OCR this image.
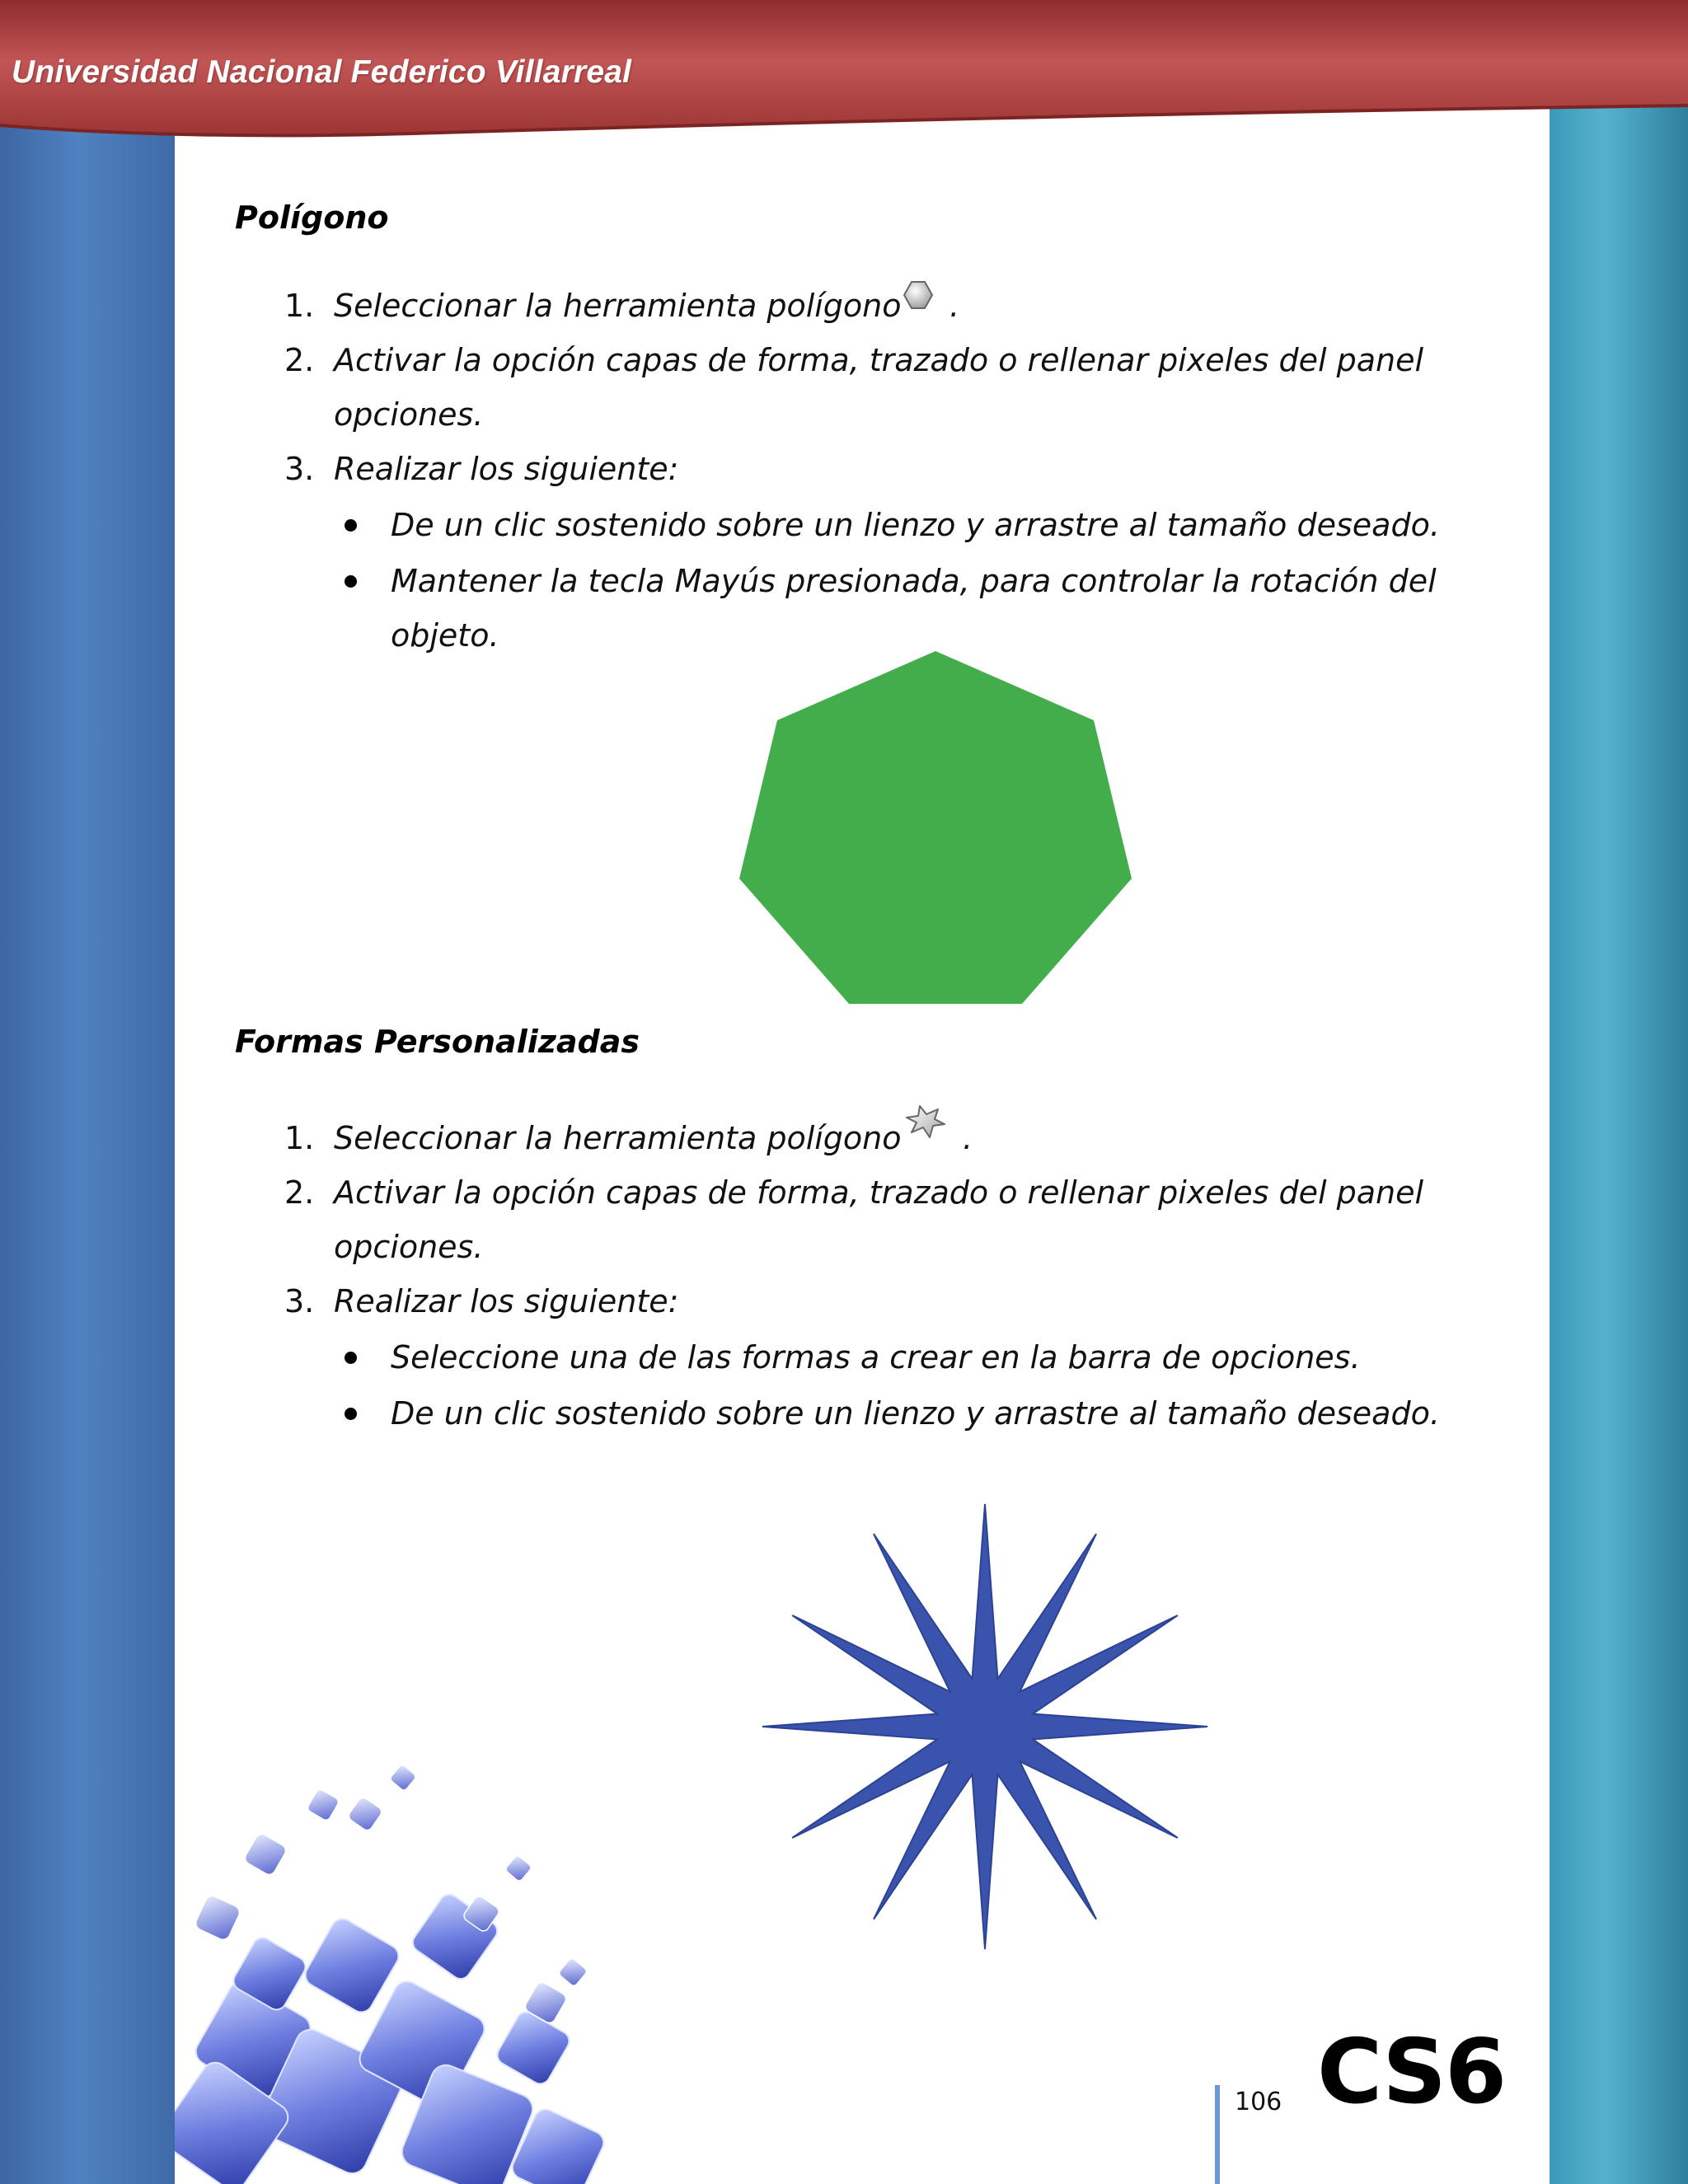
Universidad Nacional Federico Villarreal
Polígono

1. Seleccionar la herramienta polígono .

2. Activar la opción capas de forma, trazado o rellenar pixeles del panel

opciones.

3. Realizar los siguiente:

De un clic sostenido sobre un lienzo y arrastre al tamaño deseado.

Mantener la tecla Mayús presionada, para controlar la rotación del

objeto.

Formas Personalizadas

1. Seleccionar la herramienta polígono .

2. Activar la opción capas de forma, trazado o rellenar pixeles del panel

opciones.

3. Realizar los siguiente:

Seleccione una de las formas a crear en la barra de opciones.

De un clic sostenido sobre un lienzo y arrastre al tamaño deseado.

106 CS6
